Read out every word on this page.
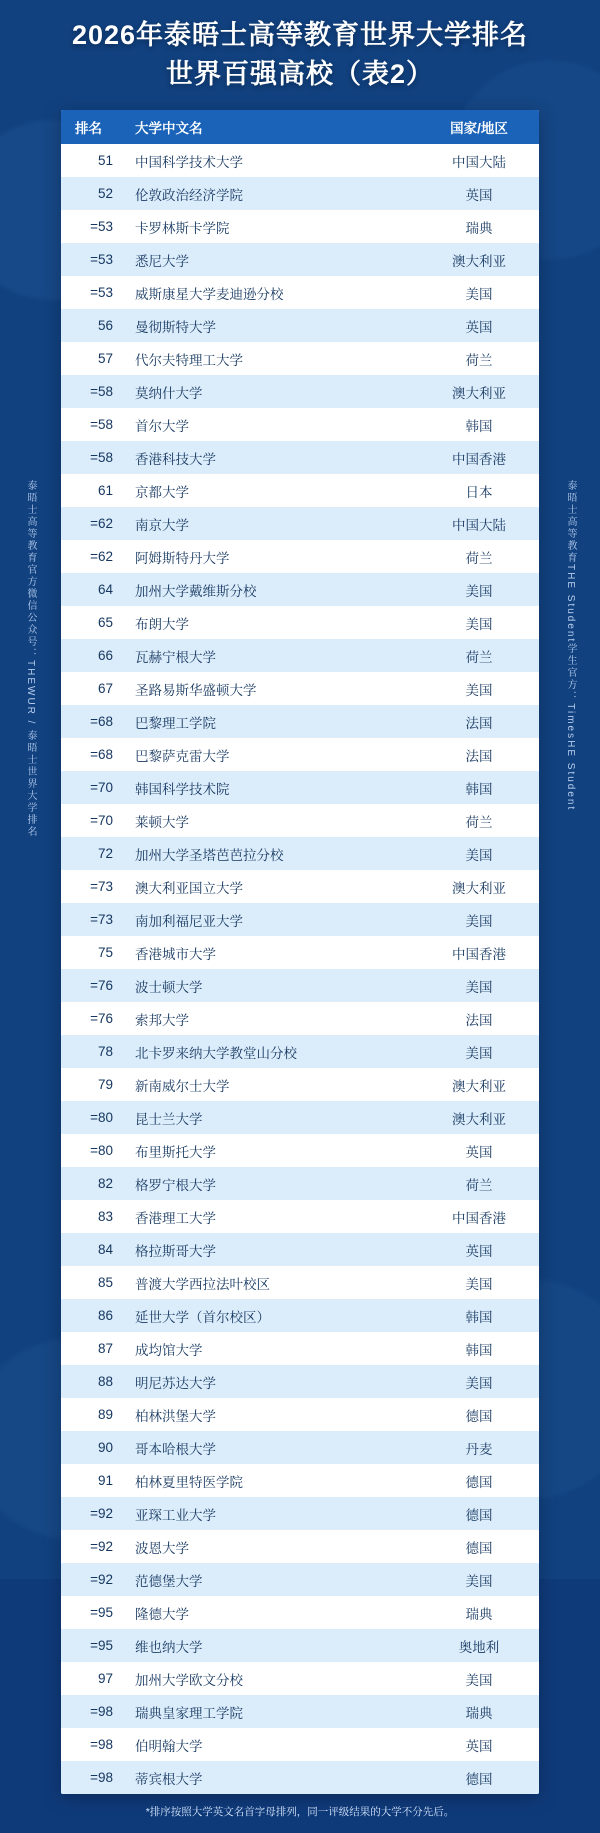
2026年泰晤士高等教育世界大学排名
世界百强高校（表2）
泰晤士高等教育官方微信公众号：THEWUR / 泰晤士世界大学排名	泰晤士高等教育THE Student学生官方：TimesHE Student
排名	大学中文名	国家/地区
51	中国科学技术大学	中国大陆
52	伦敦政治经济学院	英国
=53	卡罗林斯卡学院	瑞典
=53	悉尼大学	澳大利亚
=53	威斯康星大学麦迪逊分校	美国
56	曼彻斯特大学	英国
57	代尔夫特理工大学	荷兰
=58	莫纳什大学	澳大利亚
=58	首尔大学	韩国
=58	香港科技大学	中国香港
61	京都大学	日本
=62	南京大学	中国大陆
=62	阿姆斯特丹大学	荷兰
64	加州大学戴维斯分校	美国
65	布朗大学	美国
66	瓦赫宁根大学	荷兰
67	圣路易斯华盛顿大学	美国
=68	巴黎理工学院	法国
=68	巴黎萨克雷大学	法国
=70	韩国科学技术院	韩国
=70	莱顿大学	荷兰
72	加州大学圣塔芭芭拉分校	美国
=73	澳大利亚国立大学	澳大利亚
=73	南加利福尼亚大学	美国
75	香港城市大学	中国香港
=76	波士顿大学	美国
=76	索邦大学	法国
78	北卡罗来纳大学教堂山分校	美国
79	新南威尔士大学	澳大利亚
=80	昆士兰大学	澳大利亚
=80	布里斯托大学	英国
82	格罗宁根大学	荷兰
83	香港理工大学	中国香港
84	格拉斯哥大学	英国
85	普渡大学西拉法叶校区	美国
86	延世大学（首尔校区）	韩国
87	成均馆大学	韩国
88	明尼苏达大学	美国
89	柏林洪堡大学	德国
90	哥本哈根大学	丹麦
91	柏林夏里特医学院	德国
=92	亚琛工业大学	德国
=92	波恩大学	德国
=92	范德堡大学	美国
=95	隆德大学	瑞典
=95	维也纳大学	奥地利
97	加州大学欧文分校	美国
=98	瑞典皇家理工学院	瑞典
=98	伯明翰大学	英国
=98	蒂宾根大学	德国
*排序按照大学英文名首字母排列，同一评级结果的大学不分先后。
